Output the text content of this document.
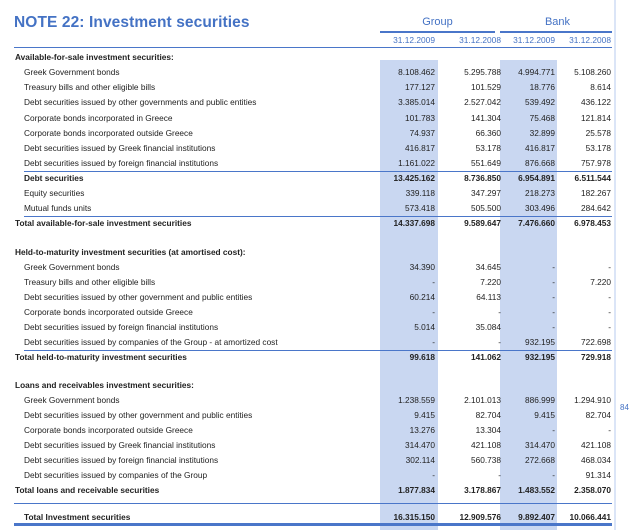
NOTE 22: Investment securities	Group	Bank
31.12.2009	31.12.2008	31.12.2009	31.12.2008
Available-for-sale investment securities:
Greek Government bonds	8.108.462	5.295.788	4.994.771	5.108.260
Treasury bills and other eligible bills	177.127	101.529	18.776	8.614
Debt securities issued by other governments and public entities	3.385.014	2.527.042	539.492	436.122
Corporate bonds incorporated in Greece	101.783	141.304	75.468	121.814
Corporate bonds incorporated outside Greece	74.937	66.360	32.899	25.578
Debt securities issued by Greek financial institutions	416.817	53.178	416.817	53.178
Debt securities issued by foreign financial institutions	1.161.022	551.649	876.668	757.978
Debt securities	13.425.162	8.736.850	6.954.891	6.511.544
Equity securities	339.118	347.297	218.273	182.267
Mutual funds units	573.418	505.500	303.496	284.642
Total available-for-sale investment securities	14.337.698	9.589.647	7.476.660	6.978.453
Held-to-maturity investment securities (at amortised cost):
Greek Government bonds	34.390	34.645	-	-
Treasury bills and other eligible bills	-	7.220	-	7.220
Debt securities issued by other government and public entities	60.214	64.113	-	-
Corporate bonds incorporated outside Greece	-	-	-	-
Debt securities issued by foreign financial institutions	5.014	35.084	-	-
Debt securities issued by companies of the Group - at amortized cost	-	-	932.195	722.698
Total held-to-maturity investment securities	99.618	141.062	932.195	729.918
Loans and receivables investment securities:
Greek Government bonds	1.238.559	2.101.013	886.999	1.294.910
Debt securities issued by other government and public entities	9.415	82.704	9.415	82.704
Corporate bonds incorporated outside Greece	13.276	13.304	-	-
Debt securities issued by Greek financial institutions	314.470	421.108	314.470	421.108
Debt securities issued by foreign financial institutions	302.114	560.738	272.668	468.034
Debt securities issued by companies of the Group	-	-	-	91.314
Total loans and receivable securities	1.877.834	3.178.867	1.483.552	2.358.070
Total Investment securities	16.315.150	12.909.576	9.892.407	10.066.441
84
